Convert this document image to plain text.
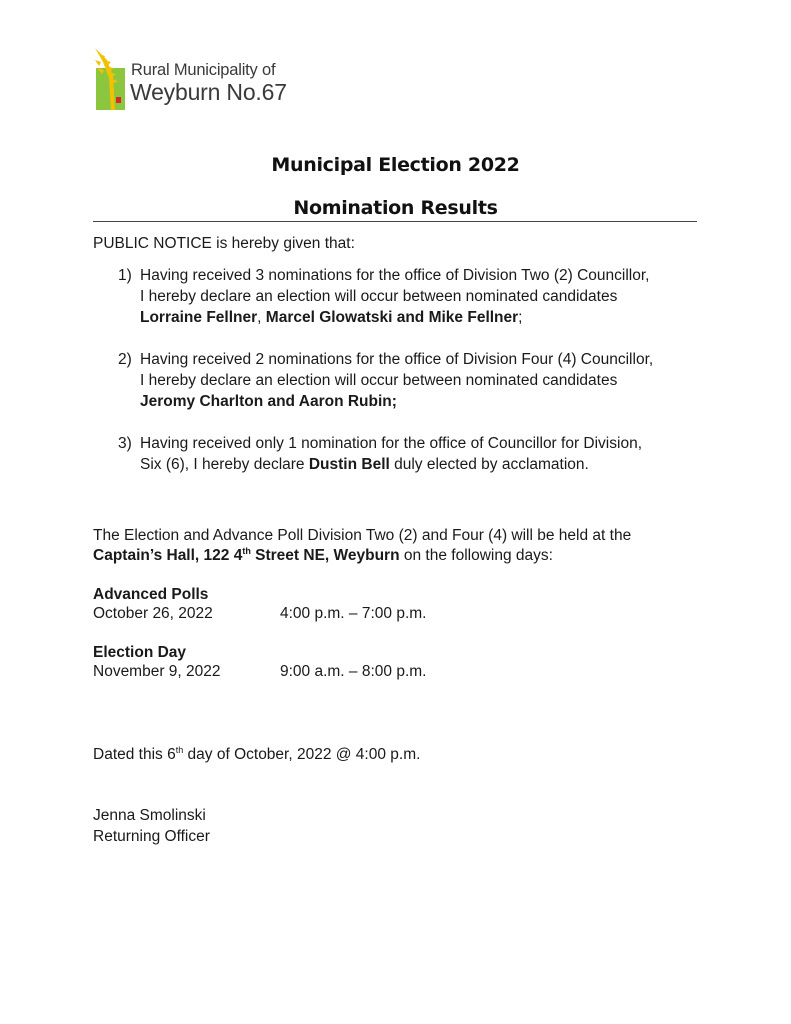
Rural Municipality of
Weyburn No.67
Municipal Election 2022
Nomination Results
PUBLIC NOTICE is hereby given that:
1) Having received 3 nominations for the office of Division Two (2) Councillor,
I hereby declare an election will occur between nominated candidates
Lorraine Fellner, Marcel Glowatski and Mike Fellner;
2) Having received 2 nominations for the office of Division Four (4) Councillor,
I hereby declare an election will occur between nominated candidates
Jeromy Charlton and Aaron Rubin;
3) Having received only 1 nomination for the office of Councillor for Division,
Six (6), I hereby declare Dustin Bell duly elected by acclamation.
The Election and Advance Poll Division Two (2) and Four (4) will be held at the
Captain’s Hall, 122 4th Street NE, Weyburn on the following days:
Advanced Polls
October 26, 2022	4:00 p.m. – 7:00 p.m.
Election Day
November 9, 2022	9:00 a.m. – 8:00 p.m.
Dated this 6th day of October, 2022 @ 4:00 p.m.
Jenna Smolinski
Returning Officer
